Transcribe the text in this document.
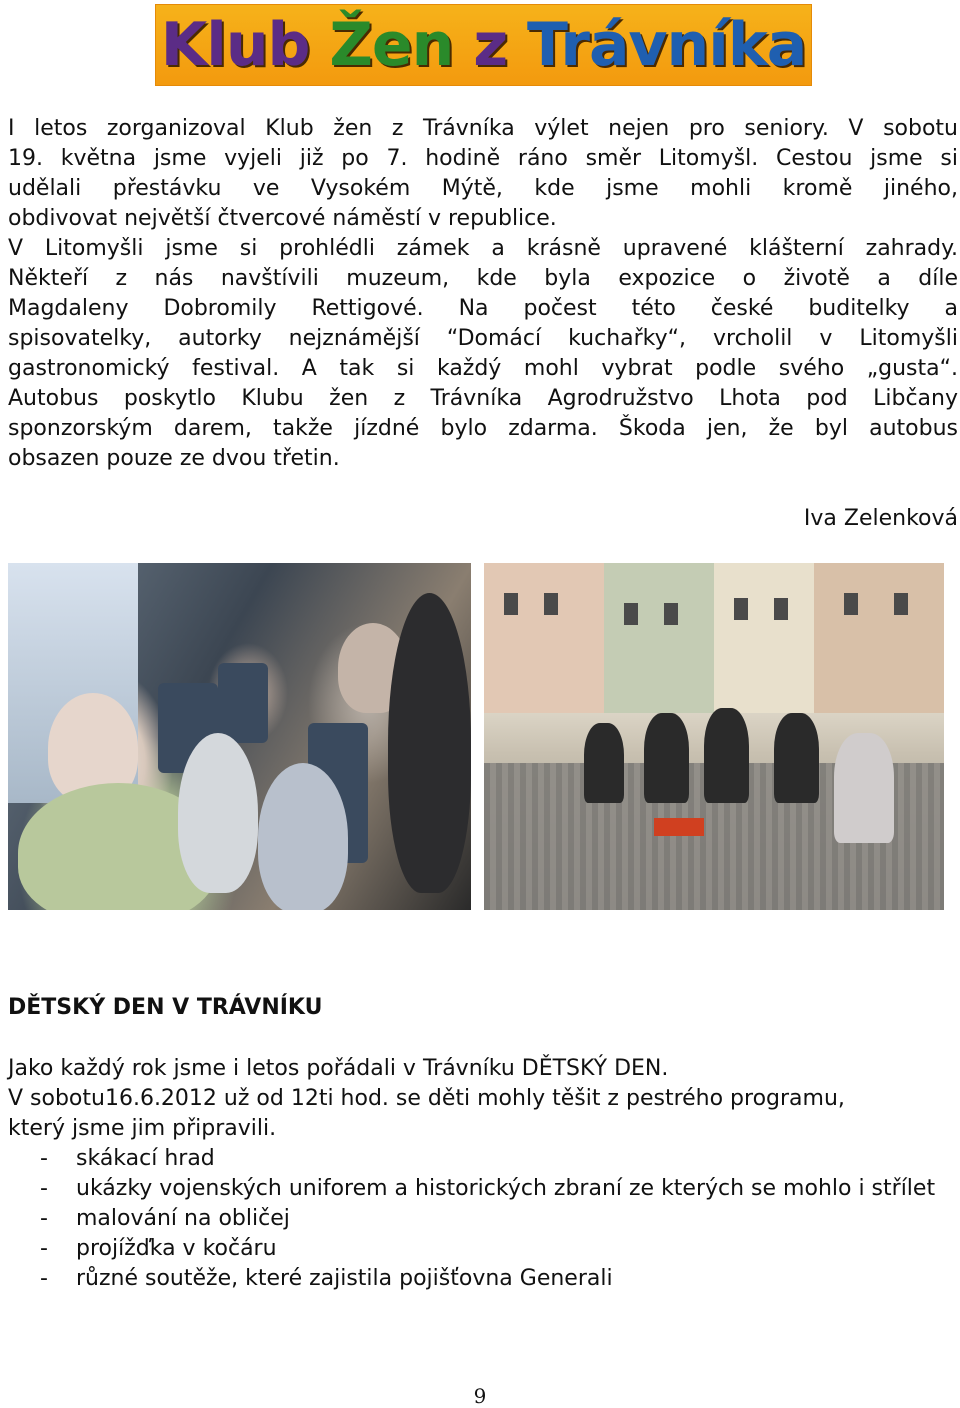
Klub Žen z Trávníka
I letos zorganizoval Klub žen z Trávníka výlet nejen pro seniory. V sobotu
19. května jsme vyjeli již po 7. hodině ráno směr Litomyšl. Cestou jsme si
udělali přestávku ve Vysokém Mýtě, kde jsme mohli kromě jiného,
obdivovat největší čtvercové náměstí v republice.
V Litomyšli jsme si prohlédli zámek a krásně upravené klášterní zahrady.
Někteří z nás navštívili muzeum, kde byla expozice o životě a díle
Magdaleny Dobromily Rettigové. Na počest této české buditelky a
spisovatelky, autorky nejznámější “Domácí kuchařky“, vrcholil v Litomyšli
gastronomický festival. A tak si každý mohl vybrat podle svého „gusta“.
Autobus poskytlo Klubu žen z Trávníka Agrodružstvo Lhota pod Libčany
sponzorským darem, takže jízdné bylo zdarma. Škoda jen, že byl autobus
obsazen pouze ze dvou třetin.
Iva Zelenková
DĚTSKÝ DEN V TRÁVNÍKU
Jako každý rok jsme i letos pořádali v Trávníku DĚTSKÝ DEN.
V sobotu16.6.2012 už od 12ti hod. se děti mohly těšit z pestrého programu,
který jsme jim připravili.
- skákací hrad
- ukázky vojenských uniforem a historických zbraní ze kterých se mohlo i střílet
- malování na obličej
- projížďka v kočáru
- různé soutěže, které zajistila pojišťovna Generali
9
